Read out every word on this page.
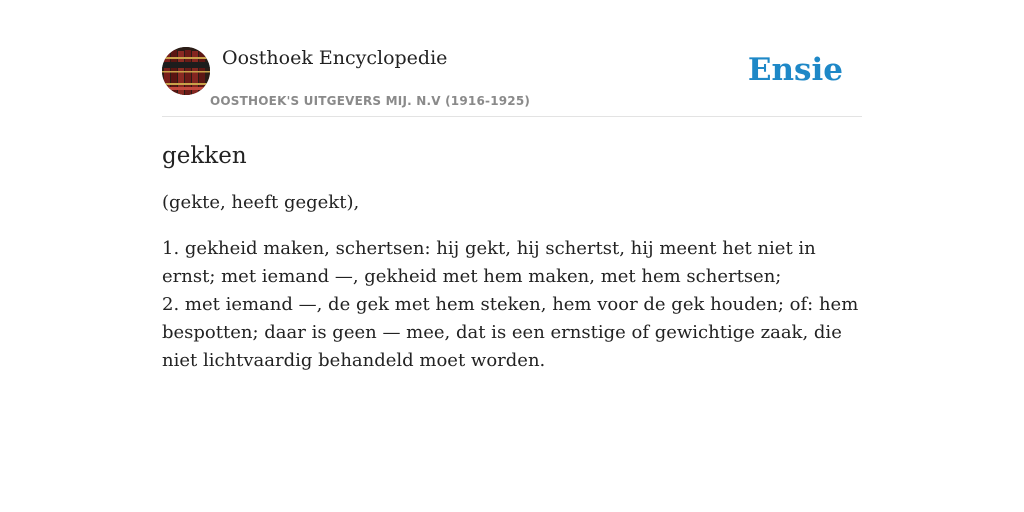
Oosthoek Encyclopedie
OOSTHOEK'S UITGEVERS MIJ. N.V (1916-1925)
Ensie
gekken

(gekte, heeft gegekt),

1. gekheid maken, schertsen: hij gekt, hij schertst, hij meent het niet in ernst; met iemand —, gekheid met hem maken, met hem schertsen;
2. met iemand —, de gek met hem steken, hem voor de gek houden; of: hem bespotten; daar is geen — mee, dat is een ernstige of gewichtige zaak, die niet lichtvaardig behandeld moet worden.
